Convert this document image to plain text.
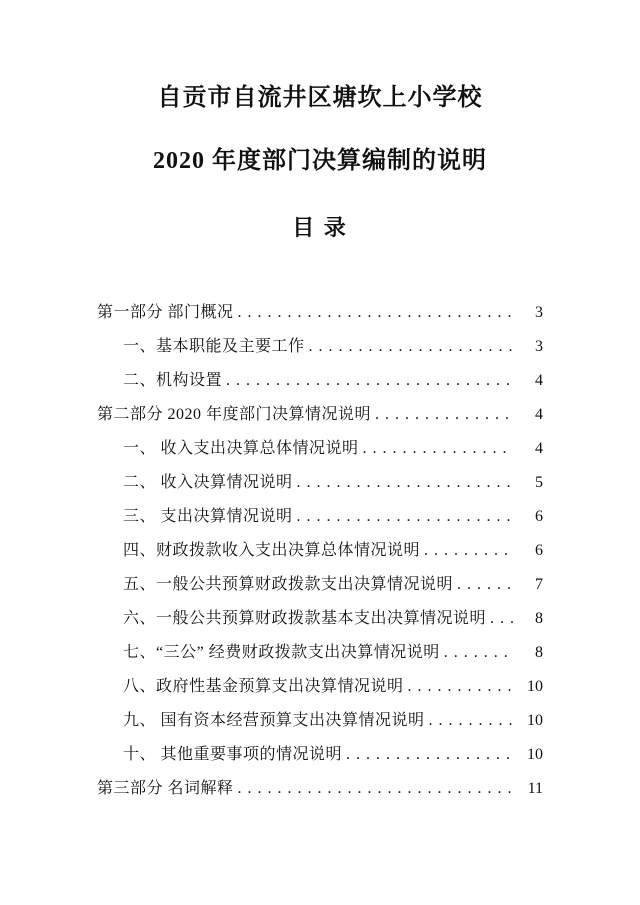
自贡市自流井区塘坎上小学校
2020 年度部门决算编制的说明
目 录
第一部分 部门概况 . . .	3
一、基本职能及主要工作 . . .	3
二、机构设置 . . .	4
第二部分 2020 年度部门决算情况说明 . . .	4
一、 收入支出决算总体情况说明 . . .	4
二、 收入决算情况说明 . . .	5
三、 支出决算情况说明 . . .	6
四、财政拨款收入支出决算总体情况说明 . . .	6
五、一般公共预算财政拨款支出决算情况说明 . . .	7
六、一般公共预算财政拨款基本支出决算情况说明 . . .	8
七、“三公” 经费财政拨款支出决算情况说明 . . .	8
八、政府性基金预算支出决算情况说明 . . .	10
九、 国有资本经营预算支出决算情况说明 . . .	10
十、 其他重要事项的情况说明 . . .	10
第三部分 名词解释 . . .	11
